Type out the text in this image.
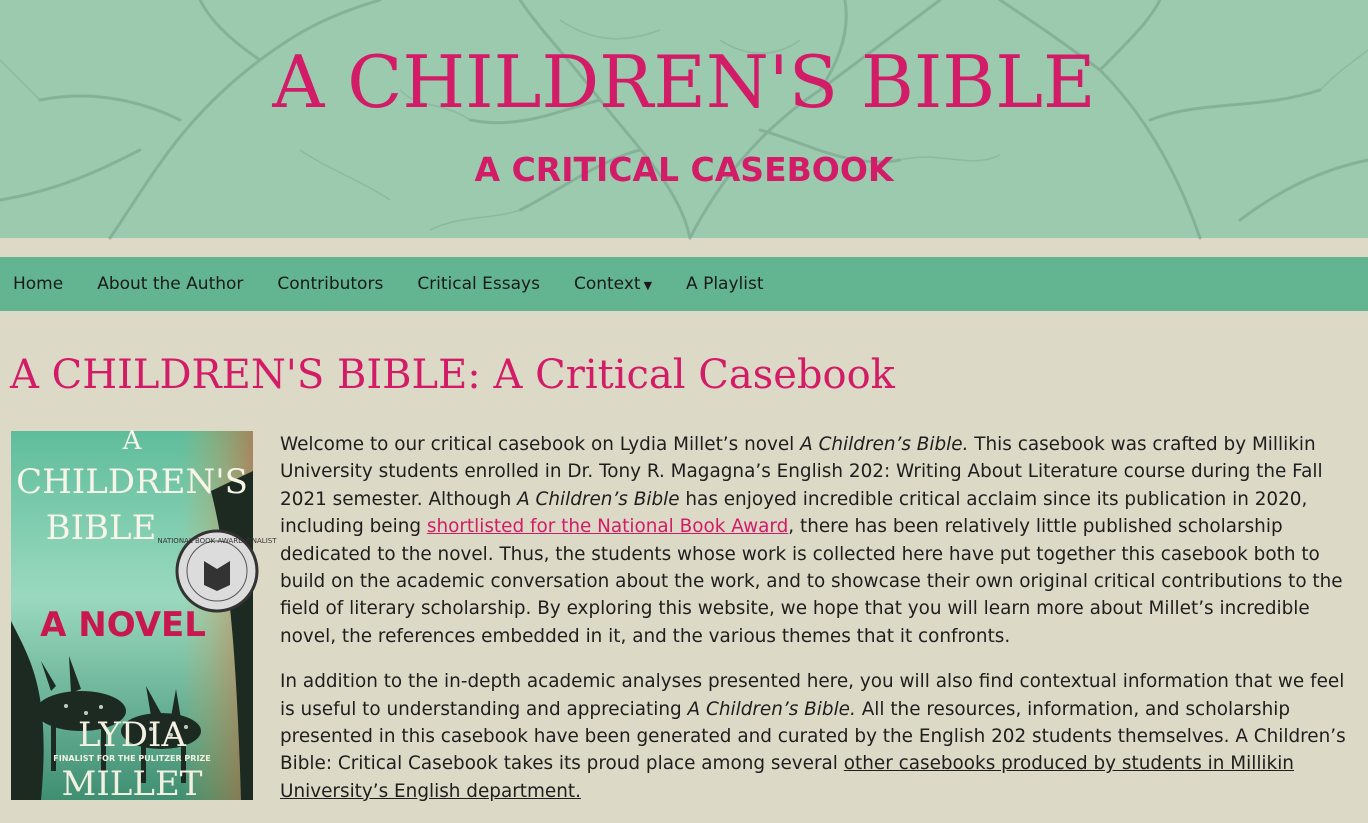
A CHILDREN'S BIBLE
A CRITICAL CASEBOOK
Home About the Author Contributors Critical Essays Context ▼ A Playlist
A CHILDREN'S BIBLE: A Critical Casebook
NATIONAL BOOK AWARD FINALIST
A
CHILDREN'S
BIBLE
A NOVEL
LYDIA
FINALIST FOR THE PULITZER PRIZE
MILLET

Welcome to our critical casebook on Lydia Millet’s novel A Children’s Bible. This casebook was crafted by Millikin University students enrolled in Dr. Tony R. Magagna’s English 202: Writing About Literature course during the Fall 2021 semester. Although A Children’s Bible has enjoyed incredible critical acclaim since its publication in 2020, including being shortlisted for the National Book Award, there has been relatively little published scholarship dedicated to the novel. Thus, the students whose work is collected here have put together this casebook both to build on the academic conversation about the work, and to showcase their own original critical contributions to the field of literary scholarship. By exploring this website, we hope that you will learn more about Millet’s incredible novel, the references embedded in it, and the various themes that it confronts.

In addition to the in-depth academic analyses presented here, you will also find contextual information that we feel is useful to understanding and appreciating A Children’s Bible. All the resources, information, and scholarship presented in this casebook have been generated and curated by the English 202 students themselves. A Children’s Bible: Critical Casebook takes its proud place among several other casebooks produced by students in Millikin University’s English department.
